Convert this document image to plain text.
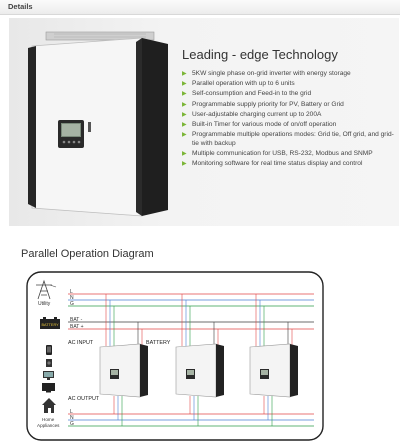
Details
Leading - edge Technology
▶ 5KW single phase on-grid inverter with energy storage
▶ Parallel operation with up to 6 units
▶ Self-consumption and Feed-in to the grid
▶ Programmable supply priority for PV, Battery or Grid
▶ User-adjustable charging current up to 200A
▶ Built-in Timer for various mode of on/off operation
▶ Programmable multiple operations modes: Grid tie, Off grid, and grid-tie with backup
▶ Multiple communication for USB, RS-232, Modbus and SNMP
▶ Monitoring software for real time status display and control
Parallel Operation Diagram
Utility
L
N
G
BATTERY
BAT -
BAT +
L
N
G
AC INPUT	BATTERY
AC OUTPUT
Home
Appliances
